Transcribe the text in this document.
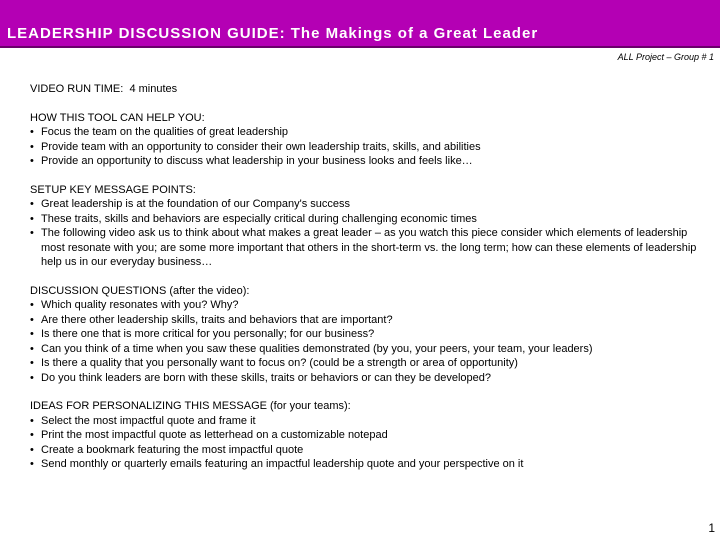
LEADERSHIP DISCUSSION GUIDE: The Makings of a Great Leader
ALL Project – Group # 1
VIDEO RUN TIME: 4 minutes
HOW THIS TOOL CAN HELP YOU:
• Focus the team on the qualities of great leadership
• Provide team with an opportunity to consider their own leadership traits, skills, and abilities
• Provide an opportunity to discuss what leadership in your business looks and feels like…
SETUP KEY MESSAGE POINTS:
• Great leadership is at the foundation of our Company's success
• These traits, skills and behaviors are especially critical during challenging economic times
• The following video ask us to think about what makes a great leader – as you watch this piece consider which elements of leadership most resonate with you; are some more important that others in the short-term vs. the long term; how can these elements of leadership help us in our everyday business…
DISCUSSION QUESTIONS (after the video):
• Which quality resonates with you? Why?
• Are there other leadership skills, traits and behaviors that are important?
• Is there one that is more critical for you personally; for our business?
• Can you think of a time when you saw these qualities demonstrated (by you, your peers, your team, your leaders)
• Is there a quality that you personally want to focus on? (could be a strength or area of opportunity)
• Do you think leaders are born with these skills, traits or behaviors or can they be developed?
IDEAS FOR PERSONALIZING THIS MESSAGE (for your teams):
• Select the most impactful quote and frame it
• Print the most impactful quote as letterhead on a customizable notepad
• Create a bookmark featuring the most impactful quote
• Send monthly or quarterly emails featuring an impactful leadership quote and your perspective on it
1
